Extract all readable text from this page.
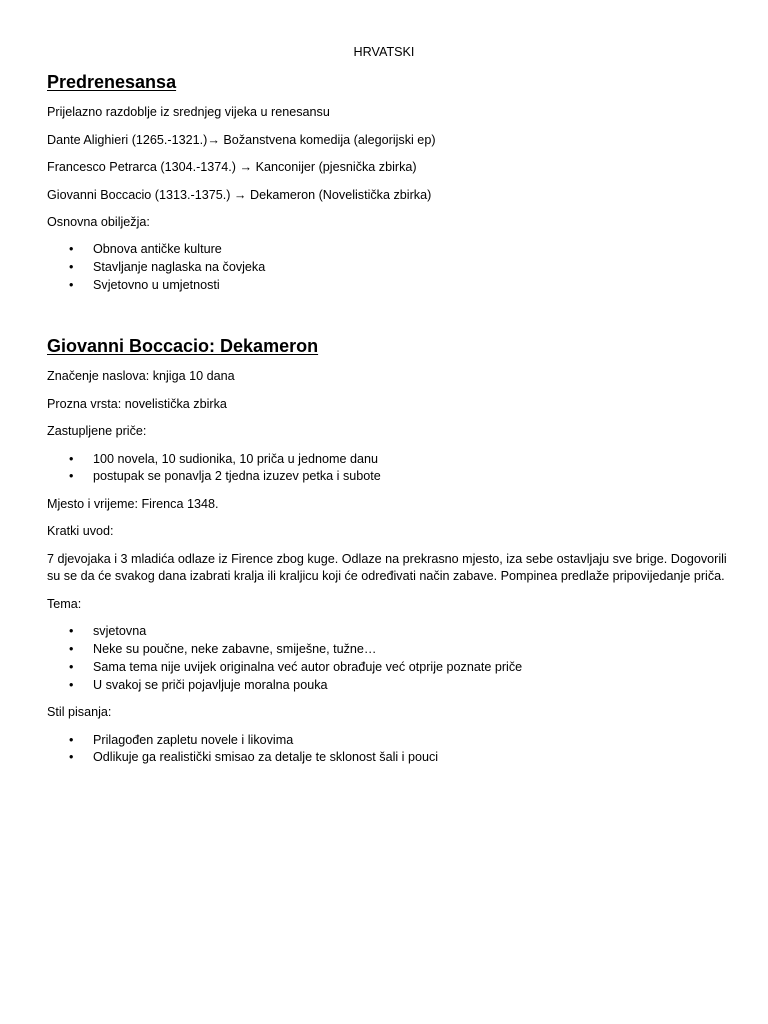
HRVATSKI
Predrenesansa

Prijelazno razdoblje iz srednjeg vijeka u renesansu

Dante Alighieri (1265.-1321.)→ Božanstvena komedija (alegorijski ep)

Francesco Petrarca (1304.-1374.) → Kanconijer (pjesnička zbirka)

Giovanni Boccacio (1313.-1375.) → Dekameron (Novelistička zbirka)

Osnovna obilježja:

• Obnova antičke kulture
• Stavljanje naglaska na čovjeka
• Svjetovno u umjetnosti
Giovanni Boccacio: Dekameron

Značenje naslova: knjiga 10 dana

Prozna vrsta: novelistička zbirka

Zastupljene priče:

• 100 novela, 10 sudionika, 10 priča u jednome danu
• postupak se ponavlja 2 tjedna izuzev petka i subote

Mjesto i vrijeme: Firenca 1348.

Kratki uvod:

7 djevojaka i 3 mladića odlaze iz Firence zbog kuge. Odlaze na prekrasno mjesto, iza sebe ostavljaju sve brige. Dogovorili su se da će svakog dana izabrati kralja ili kraljicu koji će određivati način zabave. Pompinea predlaže pripovijedanje priča.

Tema:

• svjetovna
• Neke su poučne, neke zabavne, smiješne, tužne…
• Sama tema nije uvijek originalna već autor obrađuje već otprije poznate priče
• U svakoj se priči pojavljuje moralna pouka

Stil pisanja:

• Prilagođen zapletu novele i likovima
• Odlikuje ga realistički smisao za detalje te sklonost šali i pouci
